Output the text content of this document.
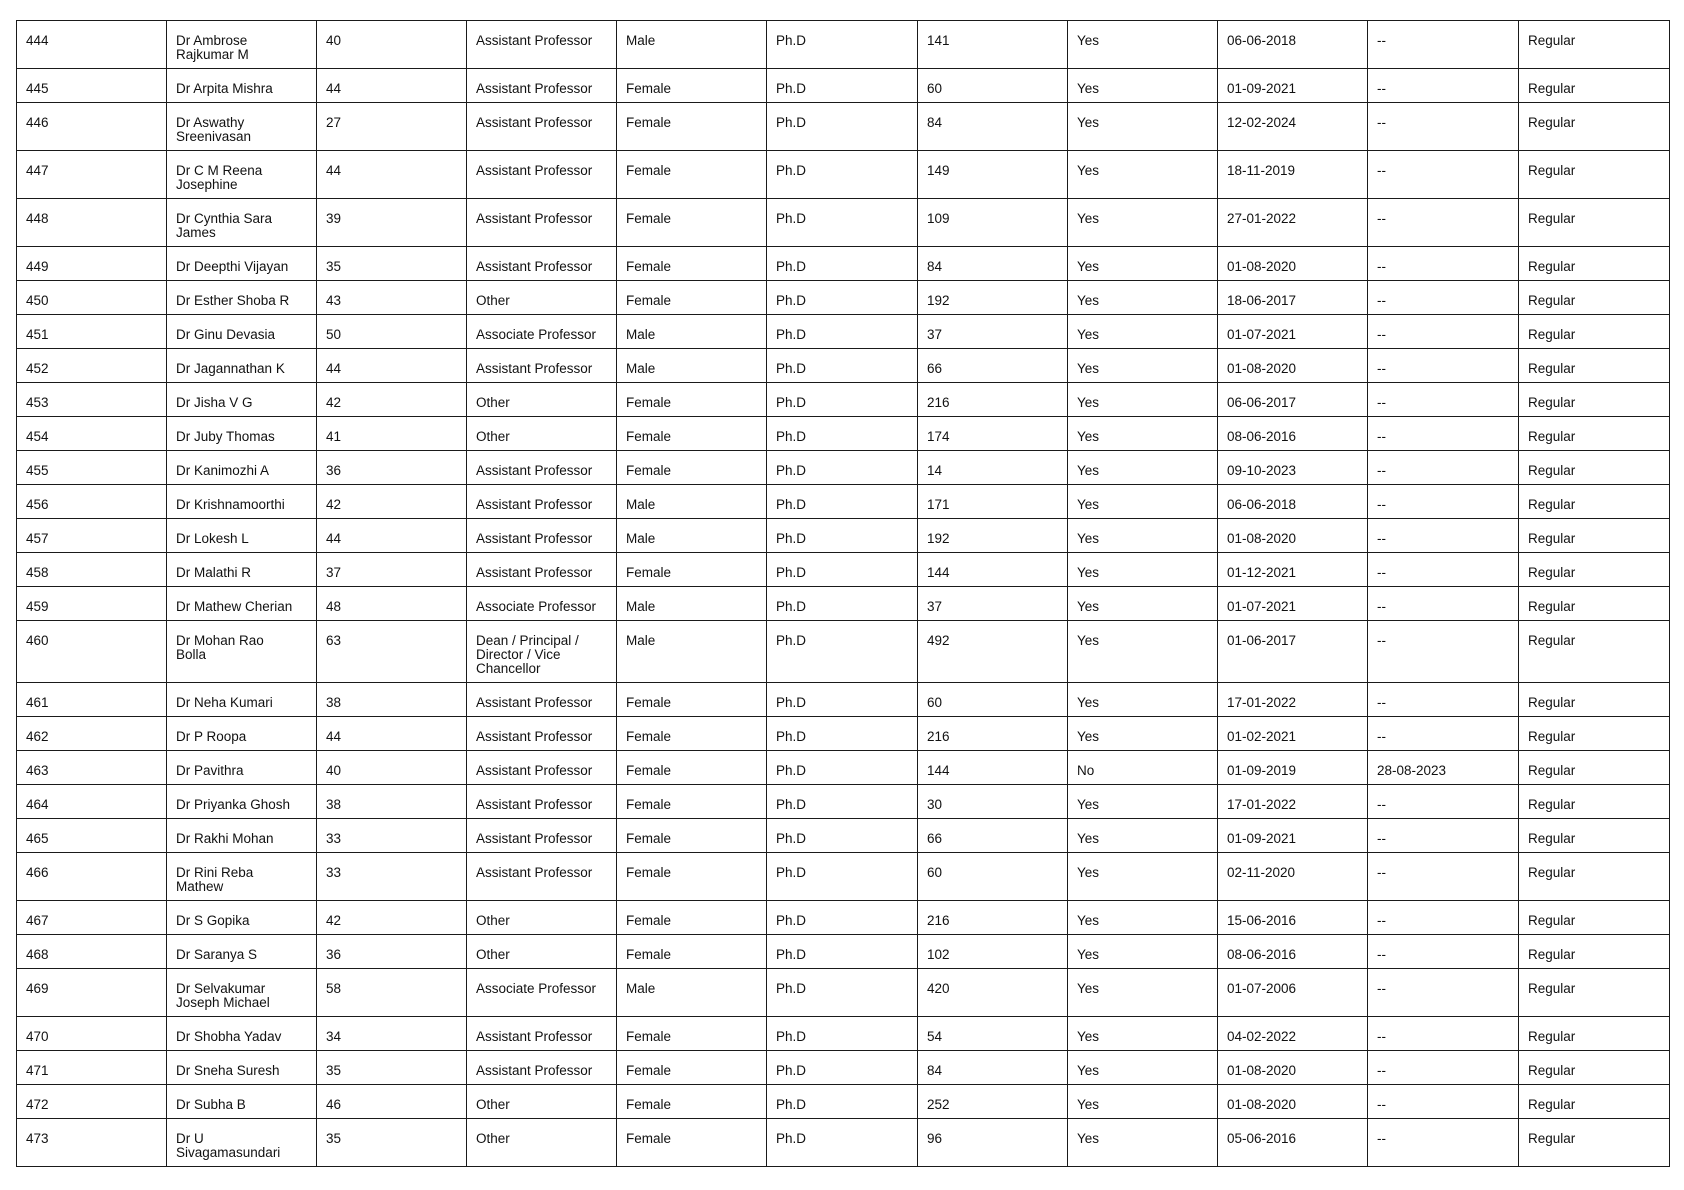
444	Dr Ambrose Rajkumar M	40	Assistant Professor	Male	Ph.D	141	Yes	06-06-2018	--	Regular
445	Dr Arpita Mishra	44	Assistant Professor	Female	Ph.D	60	Yes	01-09-2021	--	Regular
446	Dr Aswathy Sreenivasan	27	Assistant Professor	Female	Ph.D	84	Yes	12-02-2024	--	Regular
447	Dr C M Reena Josephine	44	Assistant Professor	Female	Ph.D	149	Yes	18-11-2019	--	Regular
448	Dr Cynthia Sara James	39	Assistant Professor	Female	Ph.D	109	Yes	27-01-2022	--	Regular
449	Dr Deepthi Vijayan	35	Assistant Professor	Female	Ph.D	84	Yes	01-08-2020	--	Regular
450	Dr Esther Shoba R	43	Other	Female	Ph.D	192	Yes	18-06-2017	--	Regular
451	Dr Ginu Devasia	50	Associate Professor	Male	Ph.D	37	Yes	01-07-2021	--	Regular
452	Dr Jagannathan K	44	Assistant Professor	Male	Ph.D	66	Yes	01-08-2020	--	Regular
453	Dr Jisha V G	42	Other	Female	Ph.D	216	Yes	06-06-2017	--	Regular
454	Dr Juby Thomas	41	Other	Female	Ph.D	174	Yes	08-06-2016	--	Regular
455	Dr Kanimozhi A	36	Assistant Professor	Female	Ph.D	14	Yes	09-10-2023	--	Regular
456	Dr Krishnamoorthi	42	Assistant Professor	Male	Ph.D	171	Yes	06-06-2018	--	Regular
457	Dr Lokesh L	44	Assistant Professor	Male	Ph.D	192	Yes	01-08-2020	--	Regular
458	Dr Malathi R	37	Assistant Professor	Female	Ph.D	144	Yes	01-12-2021	--	Regular
459	Dr Mathew Cherian	48	Associate Professor	Male	Ph.D	37	Yes	01-07-2021	--	Regular
460	Dr Mohan Rao Bolla	63	Dean / Principal / Director / Vice Chancellor	Male	Ph.D	492	Yes	01-06-2017	--	Regular
461	Dr Neha Kumari	38	Assistant Professor	Female	Ph.D	60	Yes	17-01-2022	--	Regular
462	Dr P Roopa	44	Assistant Professor	Female	Ph.D	216	Yes	01-02-2021	--	Regular
463	Dr Pavithra	40	Assistant Professor	Female	Ph.D	144	No	01-09-2019	28-08-2023	Regular
464	Dr Priyanka Ghosh	38	Assistant Professor	Female	Ph.D	30	Yes	17-01-2022	--	Regular
465	Dr Rakhi Mohan	33	Assistant Professor	Female	Ph.D	66	Yes	01-09-2021	--	Regular
466	Dr Rini Reba Mathew	33	Assistant Professor	Female	Ph.D	60	Yes	02-11-2020	--	Regular
467	Dr S Gopika	42	Other	Female	Ph.D	216	Yes	15-06-2016	--	Regular
468	Dr Saranya S	36	Other	Female	Ph.D	102	Yes	08-06-2016	--	Regular
469	Dr Selvakumar Joseph Michael	58	Associate Professor	Male	Ph.D	420	Yes	01-07-2006	--	Regular
470	Dr Shobha Yadav	34	Assistant Professor	Female	Ph.D	54	Yes	04-02-2022	--	Regular
471	Dr Sneha Suresh	35	Assistant Professor	Female	Ph.D	84	Yes	01-08-2020	--	Regular
472	Dr Subha B	46	Other	Female	Ph.D	252	Yes	01-08-2020	--	Regular
473	Dr U Sivagamasundari	35	Other	Female	Ph.D	96	Yes	05-06-2016	--	Regular
